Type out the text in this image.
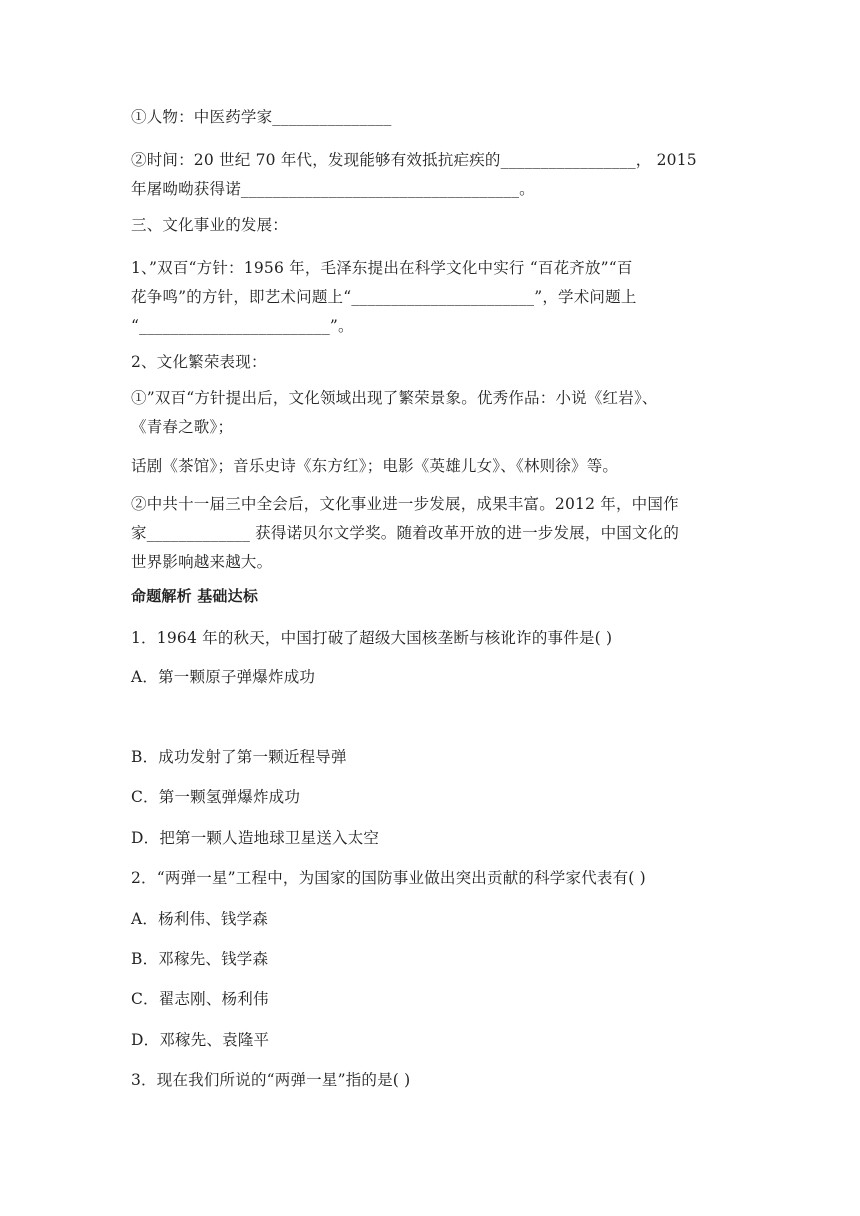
①人物：中医药学家_______________
②时间：20 世纪 70 年代，发现能够有效抵抗疟疾的_________________， 2015
年屠呦呦获得诺___________________________________。
三、文化事业的发展：
1、”双百“方针：1956 年，毛泽东提出在科学文化中实行 “百花齐放”“百
花争鸣”的方针，即艺术问题上“_______________________”，学术问题上
“________________________”。
2、文化繁荣表现：
①”双百“方针提出后，文化领域出现了繁荣景象。优秀作品：小说《红岩》、
《青春之歌》；
话剧《茶馆》；音乐史诗《东方红》；电影《英雄儿女》、《林则徐》等。
②中共十一届三中全会后，文化事业进一步发展，成果丰富。2012 年，中国作
家_____________ 获得诺贝尔文学奖。随着改革开放的进一步发展，中国文化的
世界影响越来越大。
命题解析 基础达标
1．1964 年的秋天，中国打破了超级大国核垄断与核讹诈的事件是( )
A．第一颗原子弹爆炸成功
B．成功发射了第一颗近程导弹
C．第一颗氢弹爆炸成功
D．把第一颗人造地球卫星送入太空
2．“两弹一星”工程中，为国家的国防事业做出突出贡献的科学家代表有( )
A．杨利伟、钱学森
B．邓稼先、钱学森
C．翟志刚、杨利伟
D．邓稼先、袁隆平
3．现在我们所说的“两弹一星”指的是( )
